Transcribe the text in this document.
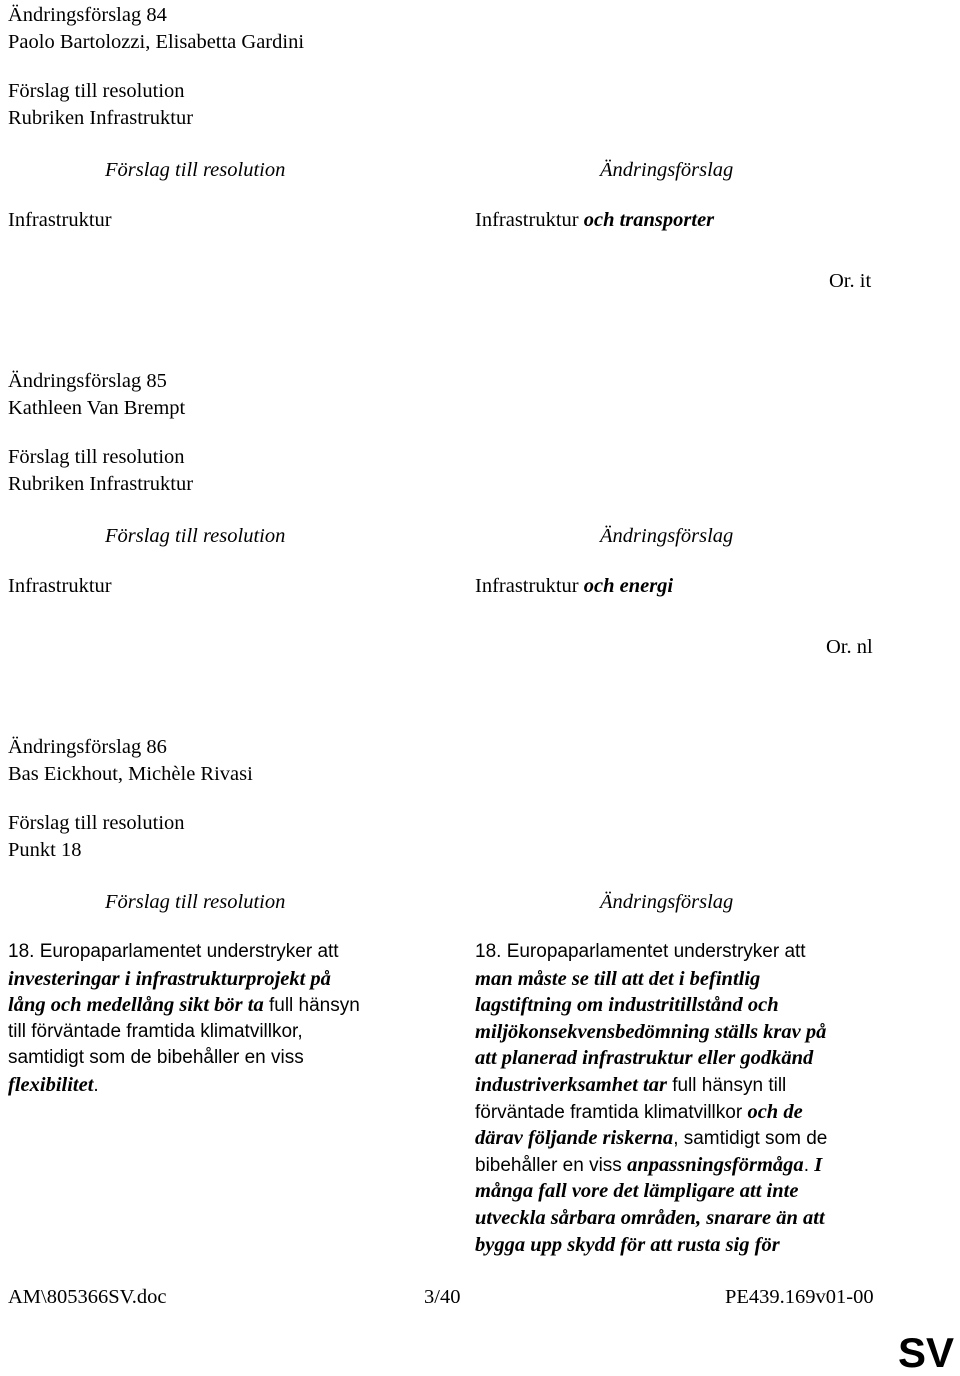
Ändringsförslag 84
Paolo Bartolozzi, Elisabetta Gardini
Förslag till resolution
Rubriken Infrastruktur
Förslag till resolution	Ändringsförslag
Infrastruktur	Infrastruktur och transporter
Or. it
Ändringsförslag 85
Kathleen Van Brempt
Förslag till resolution
Rubriken Infrastruktur
Förslag till resolution	Ändringsförslag
Infrastruktur	Infrastruktur och energi
Or. nl
Ändringsförslag 86
Bas Eickhout, Michèle Rivasi
Förslag till resolution
Punkt 18
Förslag till resolution	Ändringsförslag
18. Europaparlamentet understryker att
investeringar i infrastrukturprojekt på
lång och medellång sikt bör ta full hänsyn
till förväntade framtida klimatvillkor,
samtidigt som de bibehåller en viss
flexibilitet.
18. Europaparlamentet understryker att
man måste se till att det i befintlig
lagstiftning om industritillstånd och
miljökonsekvensbedömning ställs krav på
att planerad infrastruktur eller godkänd
industriverksamhet tar full hänsyn till
förväntade framtida klimatvillkor och de
därav följande riskerna, samtidigt som de
bibehåller en viss anpassningsförmåga. I
många fall vore det lämpligare att inte
utveckla sårbara områden, snarare än att
bygga upp skydd för att rusta sig för
AM\805366SV.doc	3/40	PE439.169v01-00
SV
